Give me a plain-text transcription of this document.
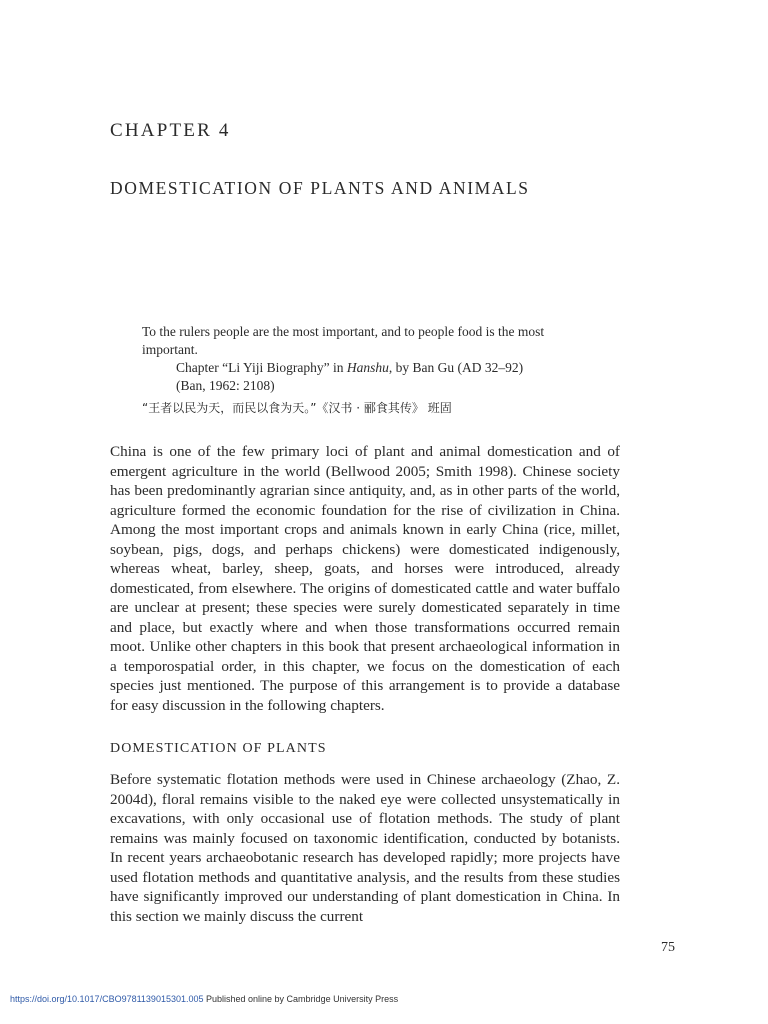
CHAPTER 4
DOMESTICATION OF PLANTS AND ANIMALS

To the rulers people are the most important, and to people food is the most important.

Chapter “Li Yiji Biography” in Hanshu, by Ban Gu (AD 32–92)
(Ban, 1962: 2108)

“王者以民为天，而民以食为天。”《汉书 · 郦食其传》 班固

China is one of the few primary loci of plant and animal domestication and of emergent agriculture in the world (Bellwood 2005; Smith 1998). Chinese society has been predominantly agrarian since antiquity, and, as in other parts of the world, agriculture formed the economic foundation for the rise of civilization in China. Among the most important crops and animals known in early China (rice, millet, soybean, pigs, dogs, and perhaps chickens) were domesticated indigenously, whereas wheat, barley, sheep, goats, and horses were introduced, already domesticated, from elsewhere. The origins of domesticated cattle and water buffalo are unclear at present; these species were surely domesticated separately in time and place, but exactly where and when those transformations occurred remain moot. Unlike other chapters in this book that present archaeological information in a temporospatial order, in this chapter, we focus on the domestication of each species just mentioned. The purpose of this arrangement is to provide a database for easy discussion in the following chapters.

DOMESTICATION OF PLANTS

Before systematic flotation methods were used in Chinese archaeology (Zhao, Z. 2004d), floral remains visible to the naked eye were collected unsystematically in excavations, with only occasional use of flotation methods. The study of plant remains was mainly focused on taxonomic identification, conducted by botanists. In recent years archaeobotanic research has developed rapidly; more projects have used flotation methods and quantitative analysis, and the results from these studies have significantly improved our understanding of plant domestication in China. In this section we mainly discuss the current

75
https://doi.org/10.1017/CBO9781139015301.005 Published online by Cambridge University Press
